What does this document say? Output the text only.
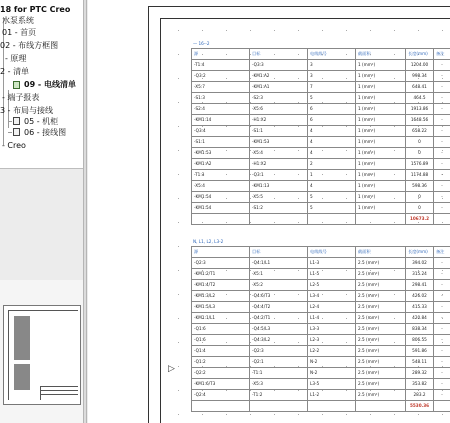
18 for PTC Creo
水泵系统
01 - 首页
02 - 布线方框图
- 原理
2 - 清单
09 - 电线清单
- 端子报表
3 - 布局与接线
05 - 机柜
06 - 接线图
- Creo
▷
— 16--2
源	目标	电线线号	截面积	长度(mm)	备注
-T1:4	-Q3:3	3	1 (mm²)	1204.00	-
-Q3:2	-KM1:A2	3	1 (mm²)	998.34	-
-X5:7	-KM1:A1	7	1 (mm²)	648.41	-
-S1:3	-S2:3	5	1 (mm²)	464.5	-
-S2:4	-X5:6	6	1 (mm²)	1913.86	-
-KM1:14	-H1:X2	6	1 (mm²)	1648.56	-
-Q3:4	-S1:1	4	1 (mm²)	658.22	-
-S1:1	-KM1:53	4	1 (mm²)	0	-
-KM1:53	-X5:4	4	1 (mm²)	0	-
-KM1:A2	-H1:X2	2	1 (mm²)	1576.89	-
-T1:3	-Q3:1	1	1 (mm²)	1174.88	-
-X5:4	-KM1:13	4	1 (mm²)	598.36	-
-KM1:54	-X5:5	5	1 (mm²)	0	-
-KM1:54	-S1:2	5	1 (mm²)	0	-
				10673.2	
N, L1, L2, L3-2
源	目标	电线线号	截面积	长度(mm)	备注
-Q2:3	-Q4:1/L1	L1-3	2.5 (mm²)	394.02	-
-KM1:2/T1	-X5:1	L1-5	2.5 (mm²)	315.24	-
-KM1:4/T2	-X5:2	L2-5	2.5 (mm²)	298.41	-
-KM1:3/L2	-Q4:6/T3	L3-4	2.5 (mm²)	426.02	-
-KM1:5/L3	-Q4:4/T2	L2-4	2.5 (mm²)	415.33	-
-KM1:1/L1	-Q4:2/T1	L1-4	2.5 (mm²)	420.84	-
-Q1:6	-Q4:5/L3	L3-3	2.5 (mm²)	838.34	-
-Q1:6	-Q4:3/L2	L2-3	2.5 (mm²)	806.55	-
-Q1:4	-Q2:3	L2-2	2.5 (mm²)	591.86	-
-Q1:2	-Q2:1	N-2	2.5 (mm²)	548.11	-
-Q2:2	-T1:1	N-2	2.5 (mm²)	289.32	-
-KM1:6/T3	-X5:3	L3-5	2.5 (mm²)	353.82	-
-Q2:4	-T1:2	L1-2	2.5 (mm²)	283.2	-
				5530.36	
